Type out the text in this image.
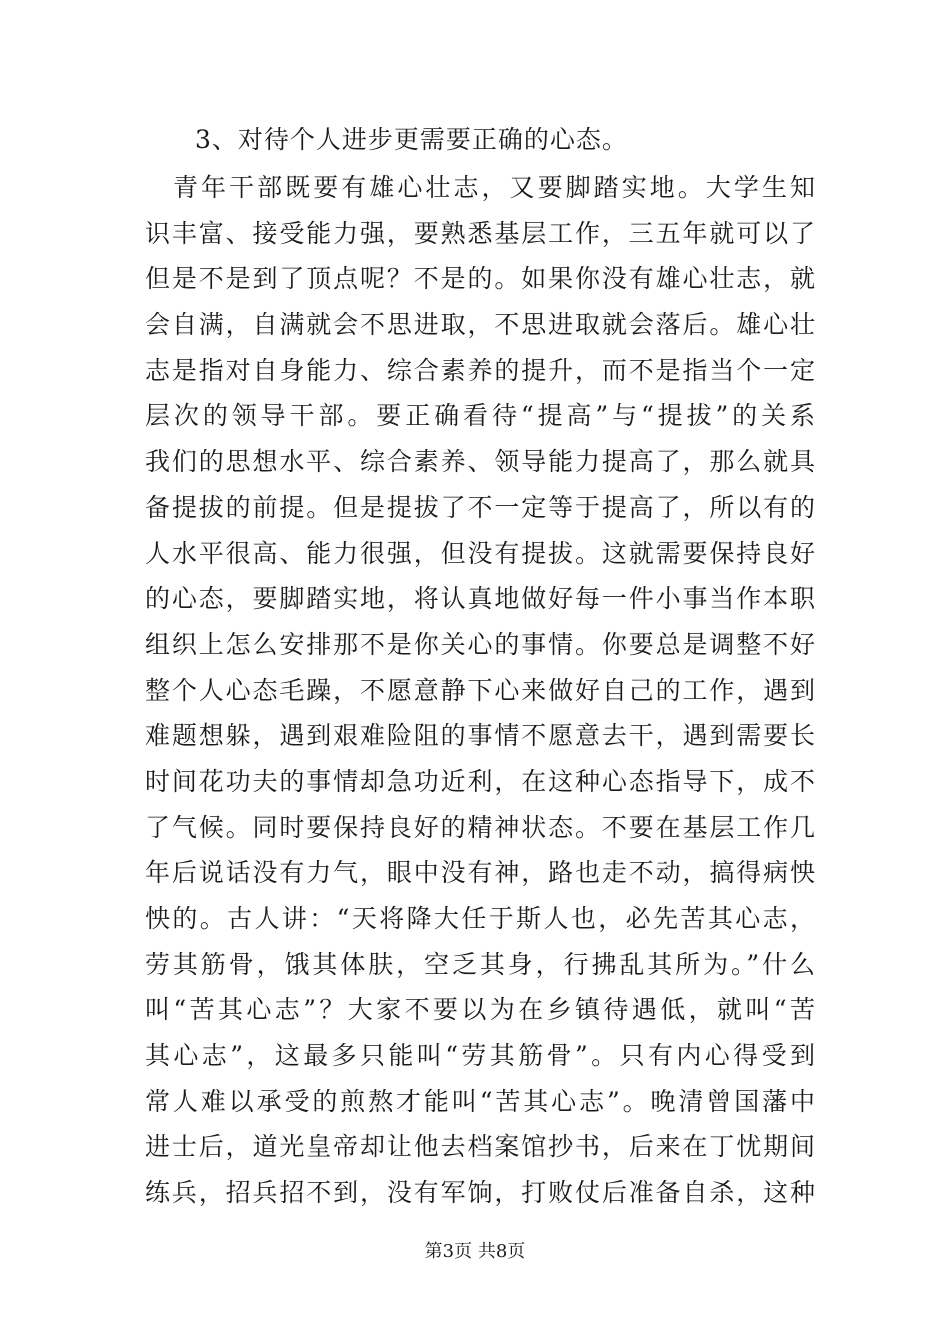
3、对待个人进步更需要正确的心态。
青年干部既要有雄心壮志，又要脚踏实地。大学生知
识丰富、接受能力强，要熟悉基层工作，三五年就可以了
但是不是到了顶点呢？不是的。如果你没有雄心壮志，就
会自满，自满就会不思进取，不思进取就会落后。雄心壮
志是指对自身能力、综合素养的提升，而不是指当个一定
层次的领导干部。要正确看待“提高”与“提拔”的关系
我们的思想水平、综合素养、领导能力提高了，那么就具
备提拔的前提。但是提拔了不一定等于提高了，所以有的
人水平很高、能力很强，但没有提拔。这就需要保持良好
的心态，要脚踏实地，将认真地做好每一件小事当作本职
组织上怎么安排那不是你关心的事情。你要总是调整不好
整个人心态毛躁，不愿意静下心来做好自己的工作，遇到
难题想躲，遇到艰难险阻的事情不愿意去干，遇到需要长
时间花功夫的事情却急功近利，在这种心态指导下，成不
了气候。同时要保持良好的精神状态。不要在基层工作几
年后说话没有力气，眼中没有神，路也走不动，搞得病怏
怏的。古人讲：“天将降大任于斯人也，必先苦其心志，
劳其筋骨，饿其体肤，空乏其身，行拂乱其所为。”什么
叫“苦其心志”？大家不要以为在乡镇待遇低，就叫“苦
其心志”，这最多只能叫“劳其筋骨”。只有内心得受到
常人难以承受的煎熬才能叫“苦其心志”。晚清曾国藩中
进士后，道光皇帝却让他去档案馆抄书，后来在丁忧期间
练兵，招兵招不到，没有军饷，打败仗后准备自杀，这种
第3页 共8页
